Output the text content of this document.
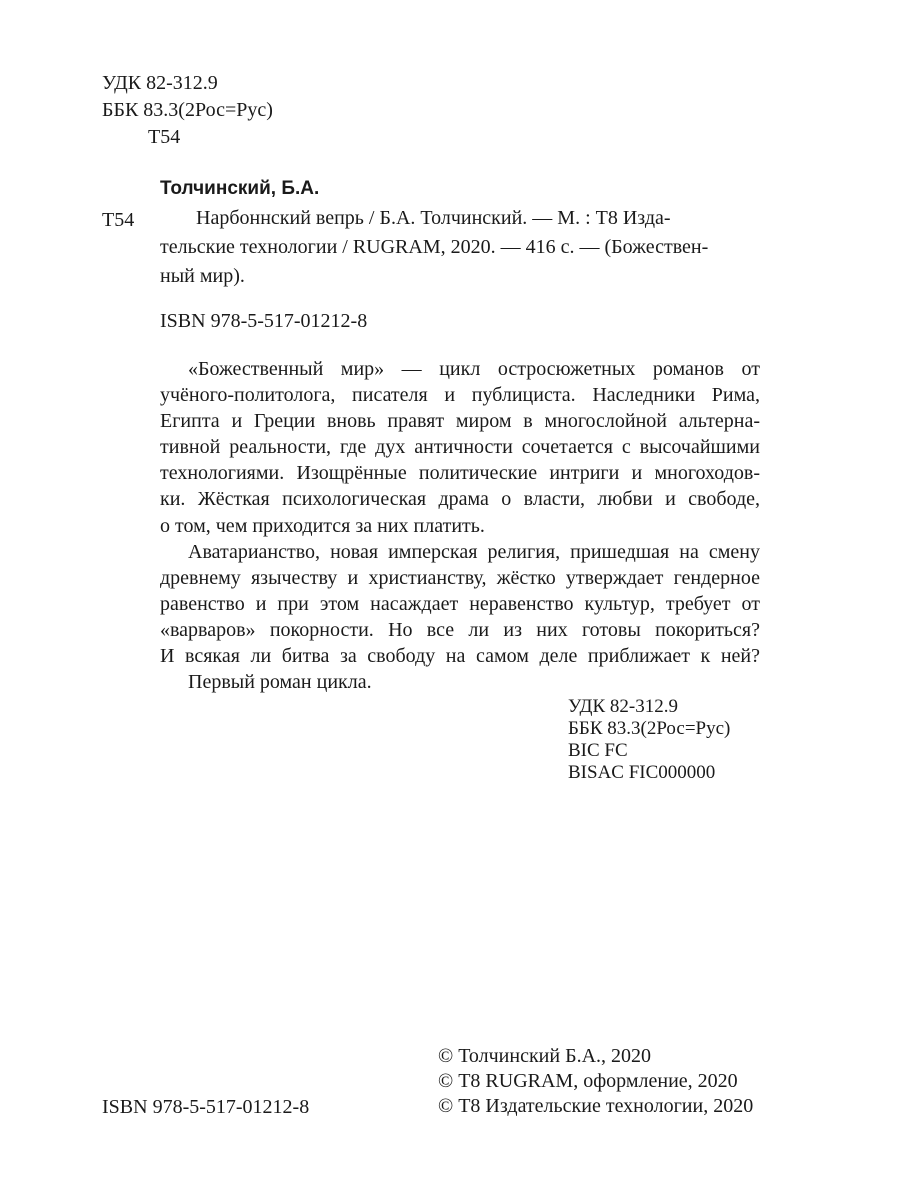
УДК 82-312.9
ББК 83.3(2Рос=Рус)
Т54
Толчинский, Б.А.
Т54	Нарбоннский вепрь / Б.А. Толчинский. — М. : Т8 Изда-
тельские технологии / RUGRAM, 2020. — 416 с. — (Божествен-
ный мир).
ISBN 978-5-517-01212-8
«Божественный мир» — цикл остросюжетных романов от
учёного-политолога, писателя и публициста. Наследники Рима,
Египта и Греции вновь правят миром в многослойной альтерна-
тивной реальности, где дух античности сочетается с высочайшими
технологиями. Изощрённые политические интриги и многоходов-
ки. Жёсткая психологическая драма о власти, любви и свободе,
о том, чем приходится за них платить.
Аватарианство, новая имперская религия, пришедшая на смену
древнему язычеству и христианству, жёстко утверждает гендерное
равенство и при этом насаждает неравенство культур, требует от
«варваров» покорности. Но все ли из них готовы покориться?
И всякая ли битва за свободу на самом деле приближает к ней?
Первый роман цикла.
УДК 82-312.9
ББК 83.3(2Рос=Рус)
BIC FC
BISAC FIC000000
ISBN 978-5-517-01212-8
© Толчинский Б.А., 2020
© Т8 RUGRAM, оформление, 2020
© Т8 Издательские технологии, 2020
